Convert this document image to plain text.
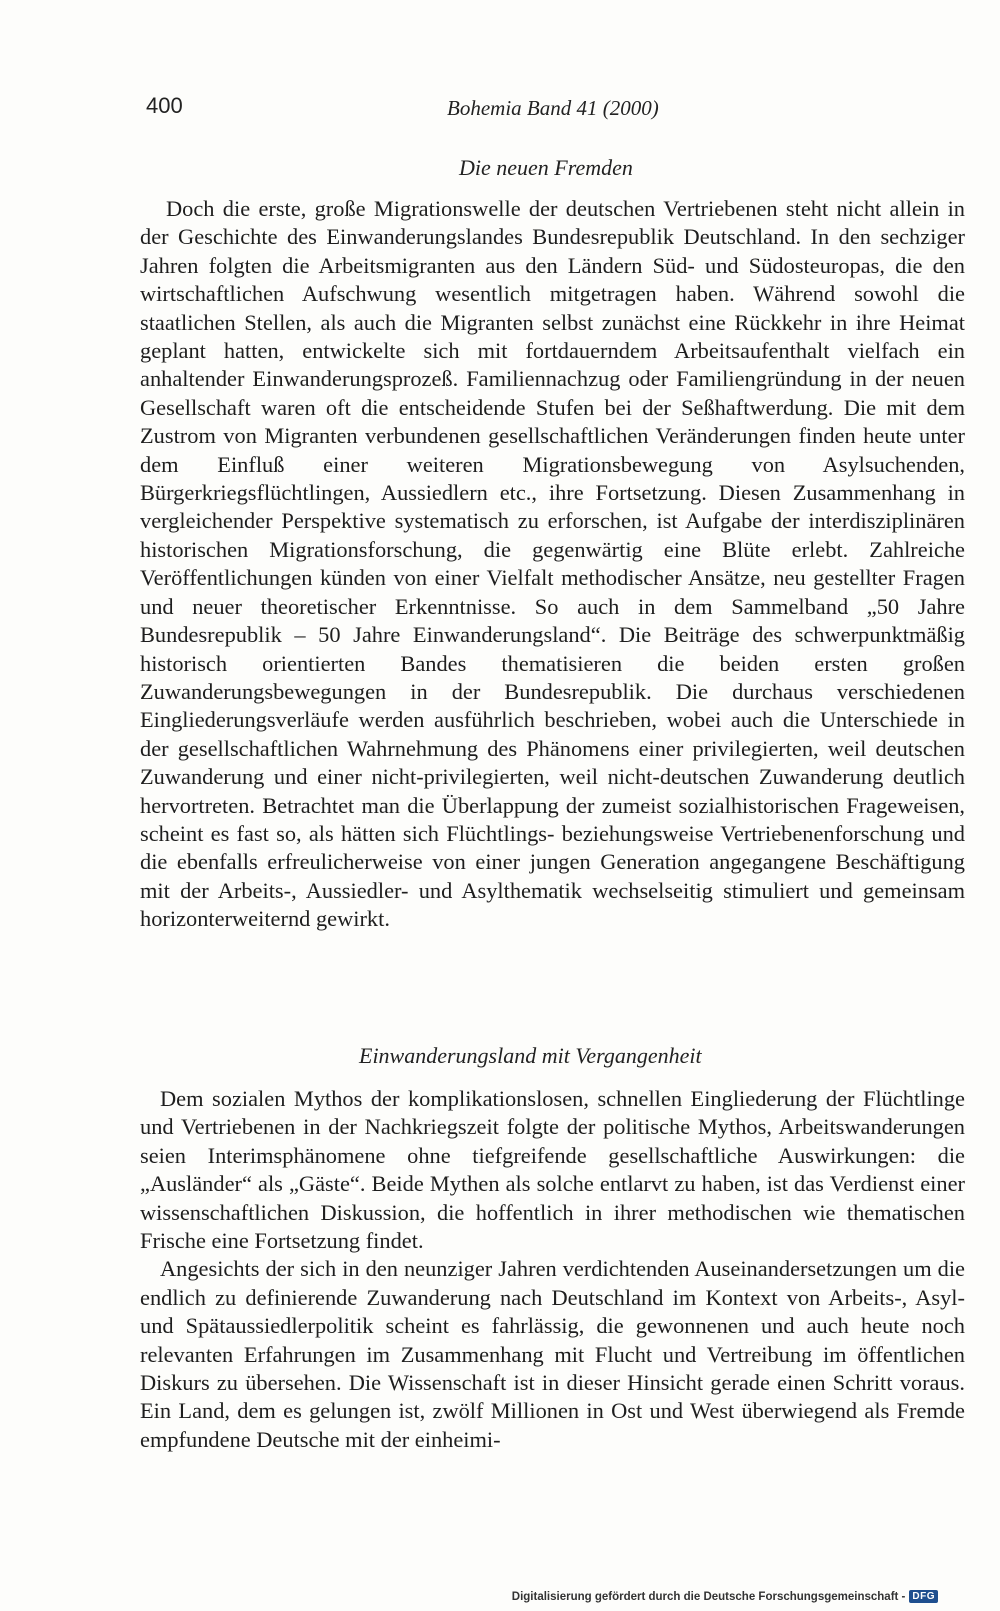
400	Bohemia Band 41 (2000)
Die neuen Fremden

Doch die erste, große Migrationswelle der deutschen Vertriebenen steht nicht allein in der Geschichte des Einwanderungslandes Bundesrepublik Deutschland. In den sechziger Jahren folgten die Arbeitsmigranten aus den Ländern Süd- und Südosteuropas, die den wirtschaftlichen Aufschwung wesentlich mitgetragen haben. Während sowohl die staatlichen Stellen, als auch die Migranten selbst zunächst eine Rückkehr in ihre Heimat geplant hatten, entwickelte sich mit fortdauerndem Arbeitsaufenthalt vielfach ein anhaltender Einwanderungsprozeß. Familiennachzug oder Familiengründung in der neuen Gesellschaft waren oft die entscheidende Stufen bei der Seßhaftwerdung. Die mit dem Zustrom von Migranten verbundenen gesellschaftlichen Veränderungen finden heute unter dem Einfluß einer weiteren Migrationsbewegung von Asylsuchenden, Bürgerkriegsflüchtlingen, Aussiedlern etc., ihre Fortsetzung. Diesen Zusammenhang in vergleichender Perspektive systematisch zu erforschen, ist Aufgabe der interdisziplinären historischen Migrationsforschung, die gegenwärtig eine Blüte erlebt. Zahlreiche Veröffentlichungen künden von einer Vielfalt methodischer Ansätze, neu gestellter Fragen und neuer theoretischer Erkenntnisse. So auch in dem Sammelband „50 Jahre Bundesrepublik – 50 Jahre Einwanderungsland“. Die Beiträge des schwerpunktmäßig historisch orientierten Bandes thematisieren die beiden ersten großen Zuwanderungsbewegungen in der Bundesrepublik. Die durchaus verschiedenen Eingliederungsverläufe werden ausführlich beschrieben, wobei auch die Unterschiede in der gesellschaftlichen Wahrnehmung des Phänomens einer privilegierten, weil deutschen Zuwanderung und einer nicht-privilegierten, weil nicht-deutschen Zuwanderung deutlich hervortreten. Betrachtet man die Überlappung der zumeist sozialhistorischen Frageweisen, scheint es fast so, als hätten sich Flüchtlings- beziehungsweise Vertriebenenforschung und die ebenfalls erfreulicherweise von einer jungen Generation angegangene Beschäftigung mit der Arbeits-, Aussiedler- und Asylthematik wechselseitig stimuliert und gemeinsam horizonterweiternd gewirkt.

Einwanderungsland mit Vergangenheit

Dem sozialen Mythos der komplikationslosen, schnellen Eingliederung der Flüchtlinge und Vertriebenen in der Nachkriegszeit folgte der politische Mythos, Arbeitswanderungen seien Interimsphänomene ohne tiefgreifende gesellschaftliche Auswirkungen: die „Ausländer“ als „Gäste“. Beide Mythen als solche entlarvt zu haben, ist das Verdienst einer wissenschaftlichen Diskussion, die hoffentlich in ihrer methodischen wie thematischen Frische eine Fortsetzung findet.

Angesichts der sich in den neunziger Jahren verdichtenden Auseinandersetzungen um die endlich zu definierende Zuwanderung nach Deutschland im Kontext von Arbeits-, Asyl- und Spätaussiedlerpolitik scheint es fahrlässig, die gewonnenen und auch heute noch relevanten Erfahrungen im Zusammenhang mit Flucht und Vertreibung im öffentlichen Diskurs zu übersehen. Die Wissenschaft ist in dieser Hinsicht gerade einen Schritt voraus. Ein Land, dem es gelungen ist, zwölf Millionen in Ost und West überwiegend als Fremde empfundene Deutsche mit der einheimi-

Digitalisierung gefördert durch die Deutsche Forschungsgemeinschaft - DFG
